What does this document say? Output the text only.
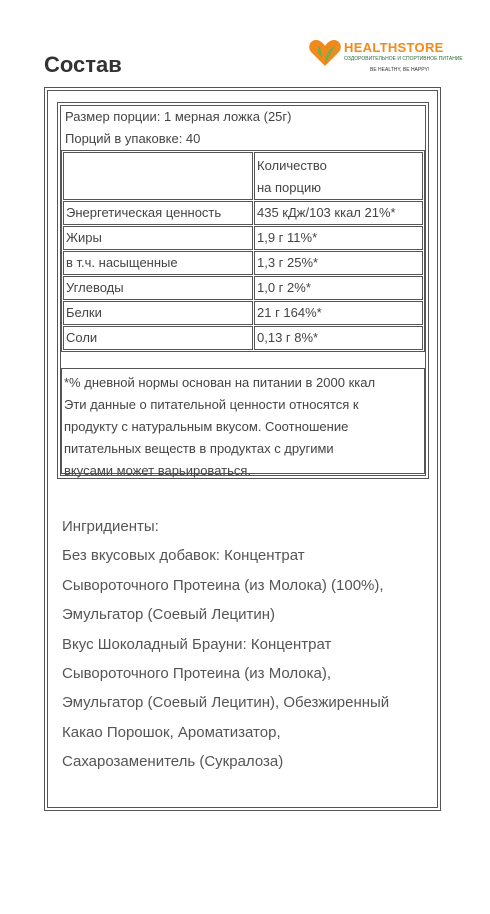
Состав
HEALTHSTORE
ОЗДОРОВИТЕЛЬНОЕ И СПОРТИВНОЕ ПИТАНИЕ
BE HEALTHY, BE HAPPY!
Размер порции: 1 мерная ложка (25г)
Порций в упаковке: 40
	Количество
на порцию
Энергетическая ценность	435 кДж/103 ккал 21%*
Жиры	1,9 г 11%*
в т.ч. насыщенные	1,3 г 25%*
Углеводы	1,0 г 2%*
Белки	21 г 164%*
Соли	0,13 г 8%*
*% дневной нормы основан на питании в 2000 ккал
Эти данные о питательной ценности относятся к
продукту с натуральным вкусом. Соотношение
питательных веществ в продуктах с другими
вкусами может варьироваться.
Ингридиенты:
Без вкусовых добавок: Концентрат
Сывороточного Протеина (из Молока) (100%),
Эмульгатор (Соевый Лецитин)
Вкус Шоколадный Брауни: Концентрат
Сывороточного Протеина (из Молока),
Эмульгатор (Соевый Лецитин), Обезжиренный
Какао Порошок, Ароматизатор,
Сахарозаменитель (Сукралоза)
